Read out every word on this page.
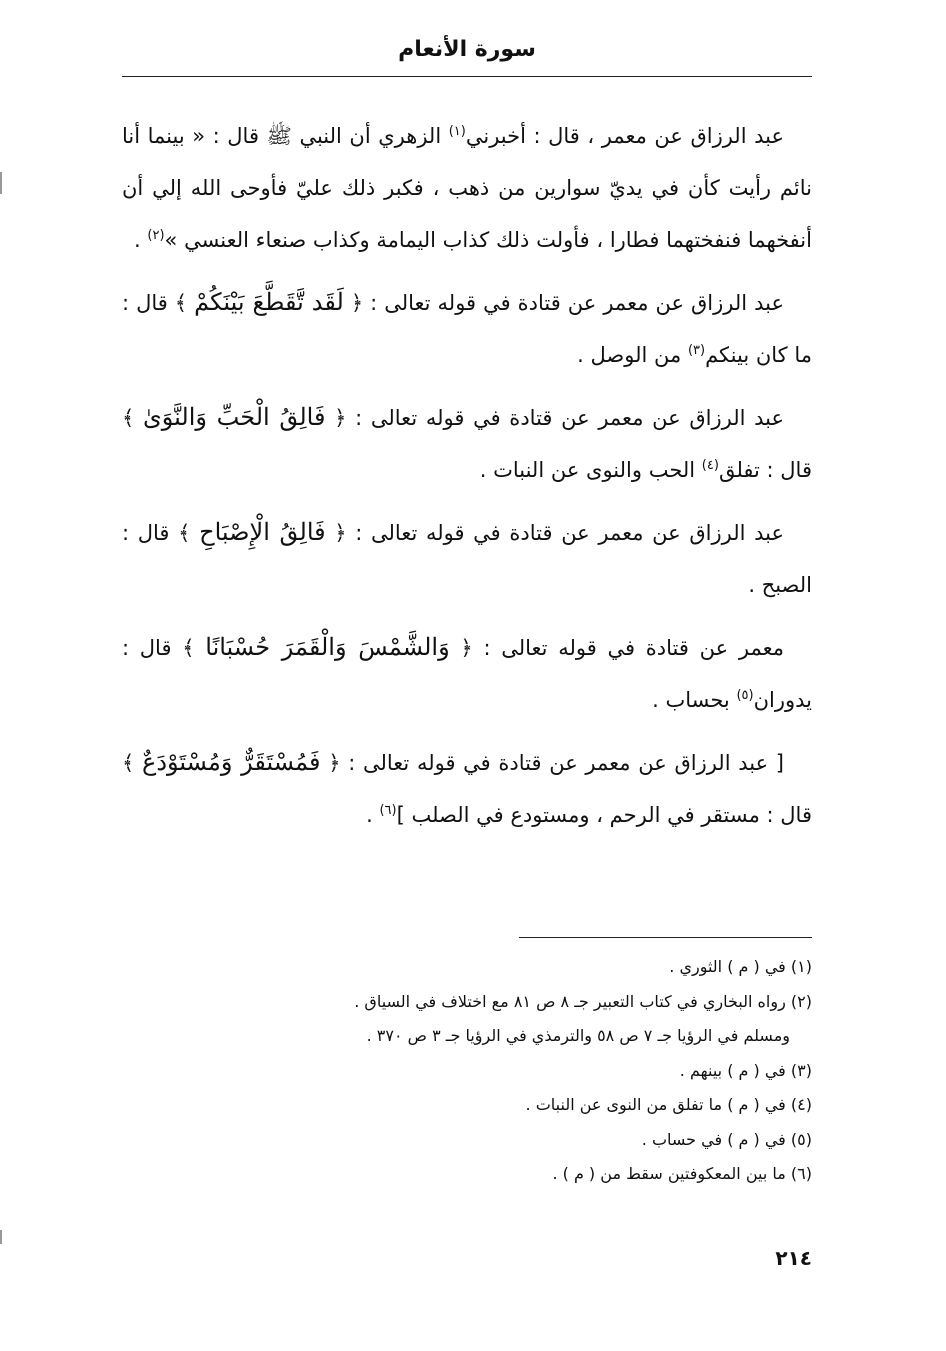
سورة الأنعام

عبد الرزاق عن معمر ، قال : أخبرني$^{(١)}$ الزهري أن النبي ﷺ قال : « بينما أنا نائم رأيت كأن في يديّ سوارين من ذهب ، فكبر ذلك عليّ فأوحى الله إلي أن أنفخهما فنفختهما فطارا ، فأولت ذلك كذاب اليمامة وكذاب صنعاء العنسي »$^{(٢)}$ .

عبد الرزاق عن معمر عن قتادة في قوله تعالى : ﴿ لَقَد تَّقَطَّعَ بَيْنَكُمْ ﴾ قال : ما كان بينكم$^{(٣)}$ من الوصل .

عبد الرزاق عن معمر عن قتادة في قوله تعالى : ﴿ فَالِقُ الْحَبِّ وَالنَّوَىٰ ﴾ قال : تفلق$^{(٤)}$ الحب والنوى عن النبات .

عبد الرزاق عن معمر عن قتادة في قوله تعالى : ﴿ فَالِقُ الْإِصْبَاحِ ﴾ قال : الصبح .

معمر عن قتادة في قوله تعالى : ﴿ وَالشَّمْسَ وَالْقَمَرَ حُسْبَانًا ﴾ قال : يدوران$^{(٥)}$ بحساب .

[ عبد الرزاق عن معمر عن قتادة في قوله تعالى : ﴿ فَمُسْتَقَرٌّ وَمُسْتَوْدَعٌ ﴾ قال : مستقر في الرحم ، ومستودع في الصلب ]$^{(٦)}$ .

(١) في ( م ) الثوري .

(٢) رواه البخاري في كتاب التعبير جـ ٨ ص ٨١ مع اختلاف في السياق .

ومسلم في الرؤيا جـ ٧ ص ٥٨ والترمذي في الرؤيا جـ ٣ ص ٣٧٠ .

(٣) في ( م ) بينهم .

(٤) في ( م ) ما تفلق من النوى عن النبات .

(٥) في ( م ) في حساب .

(٦) ما بين المعكوفتين سقط من ( م ) .

٢١٤
